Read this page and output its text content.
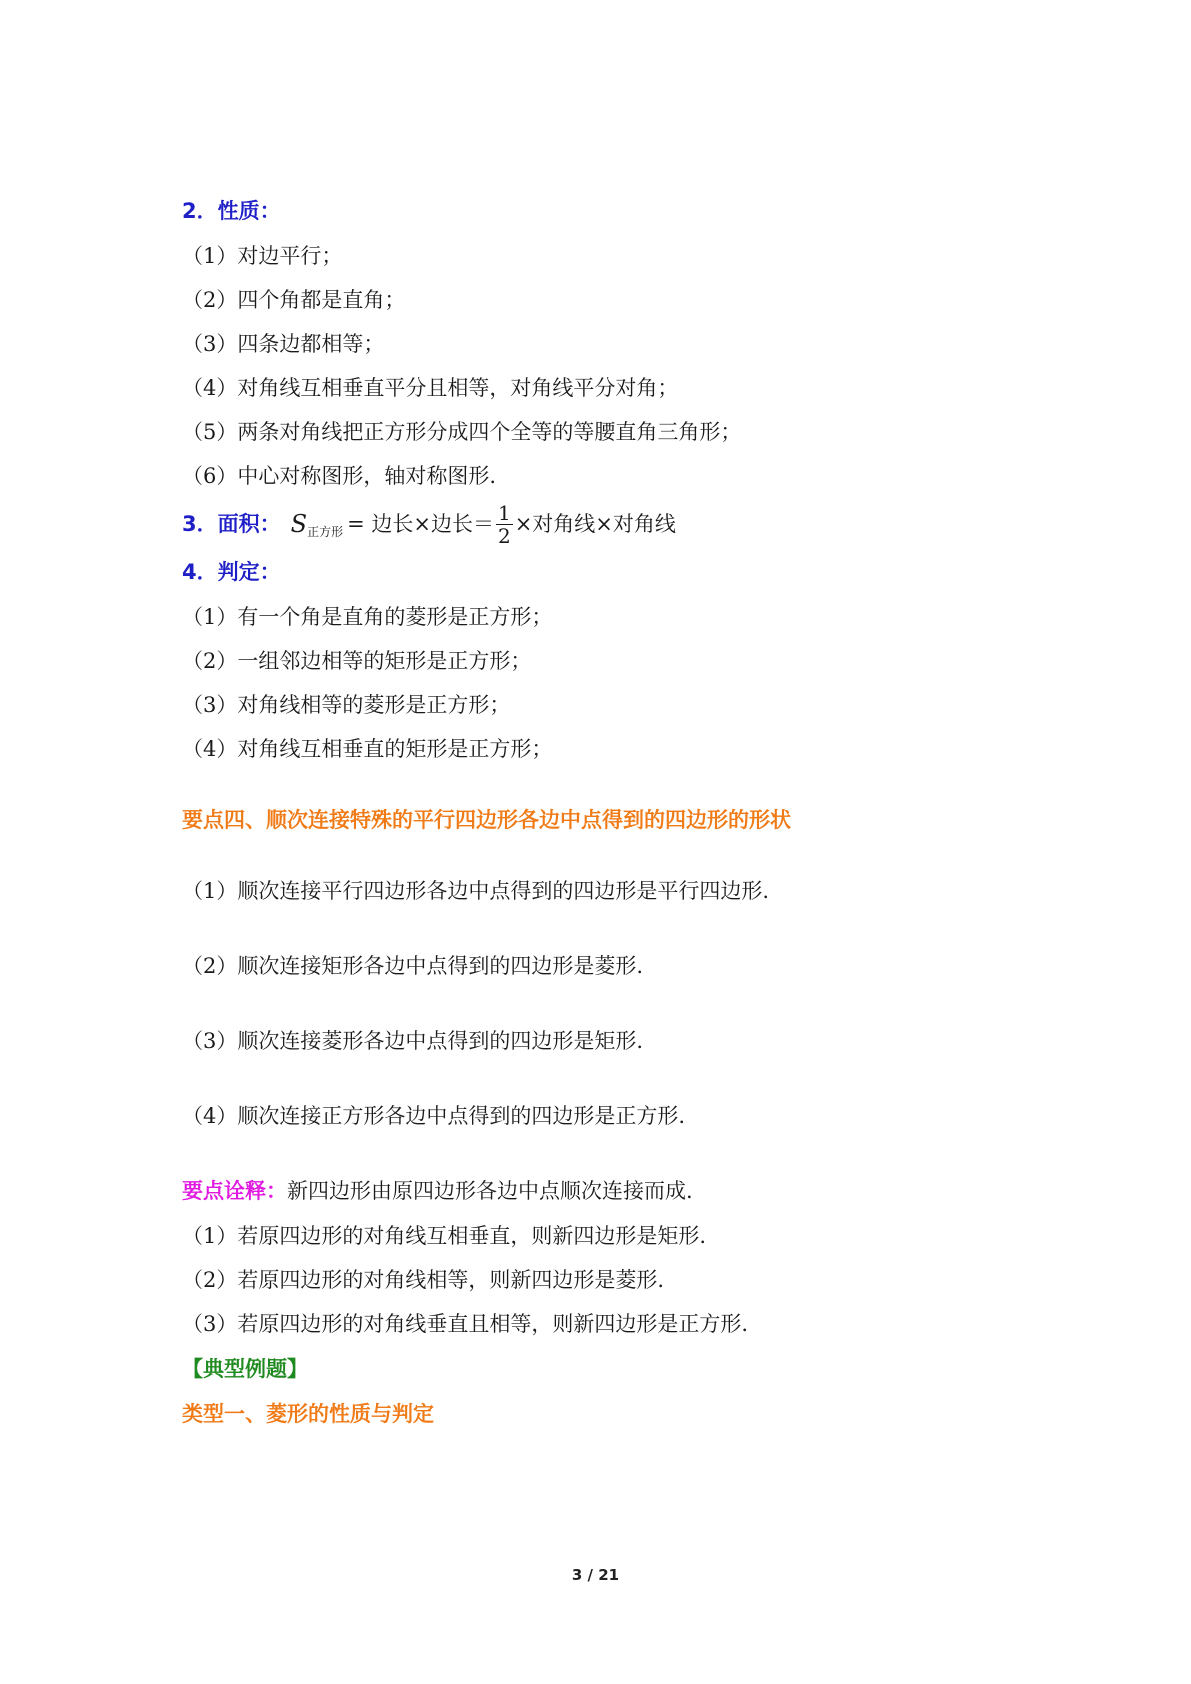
2．性质：
（1）对边平行；
（2）四个角都是直角；
（3）四条边都相等；
（4）对角线互相垂直平分且相等，对角线平分对角；
（5）两条对角线把正方形分成四个全等的等腰直角三角形；
（6）中心对称图形，轴对称图形.
3．面积： S 正方形 = 边长×边长＝ $\frac{1}{2}$ ×对角线×对角线
4．判定：
（1）有一个角是直角的菱形是正方形；
（2）一组邻边相等的矩形是正方形；
（3）对角线相等的菱形是正方形；
（4）对角线互相垂直的矩形是正方形；
要点四、顺次连接特殊的平行四边形各边中点得到的四边形的形状
（1）顺次连接平行四边形各边中点得到的四边形是平行四边形.
（2）顺次连接矩形各边中点得到的四边形是菱形.
（3）顺次连接菱形各边中点得到的四边形是矩形.
（4）顺次连接正方形各边中点得到的四边形是正方形.
要点诠释：新四边形由原四边形各边中点顺次连接而成.
（1）若原四边形的对角线互相垂直，则新四边形是矩形.
（2）若原四边形的对角线相等，则新四边形是菱形.
（3）若原四边形的对角线垂直且相等，则新四边形是正方形.
【典型例题】
类型一、菱形的性质与判定
3 / 21
